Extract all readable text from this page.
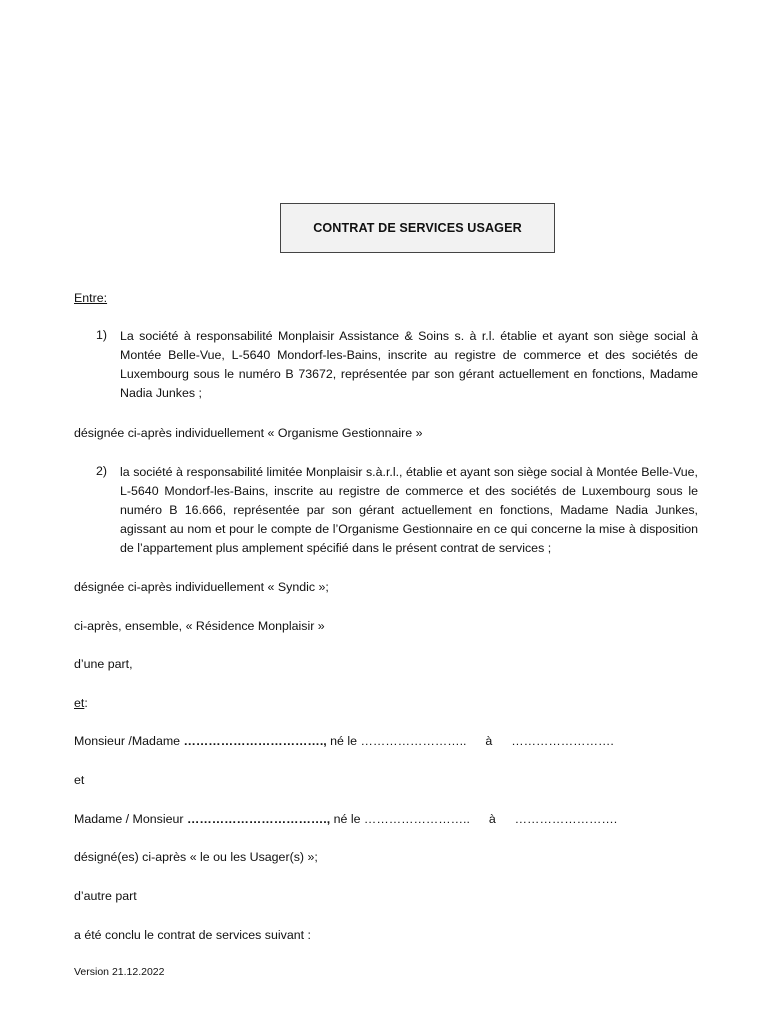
CONTRAT DE SERVICES USAGER
Entre:
1) La société à responsabilité Monplaisir Assistance & Soins s. à r.l. établie et ayant son siège social à Montée Belle-Vue, L-5640 Mondorf-les-Bains, inscrite au registre de commerce et des sociétés de Luxembourg sous le numéro B 73672, représentée par son gérant actuellement en fonctions, Madame Nadia Junkes ;
désignée ci-après individuellement « Organisme Gestionnaire »
2) la société à responsabilité limitée Monplaisir s.à.r.l., établie et ayant son siège social à Montée Belle-Vue, L-5640 Mondorf-les-Bains, inscrite au registre de commerce et des sociétés de Luxembourg sous le numéro B 16.666, représentée par son gérant actuellement en fonctions, Madame Nadia Junkes, agissant au nom et pour le compte de l’Organisme Gestionnaire en ce qui concerne la mise à disposition de l’appartement plus amplement spécifié dans le présent contrat de services ;
désignée ci-après individuellement « Syndic »;
ci-après, ensemble, « Résidence Monplaisir »
d’une part,
et:
Monsieur /Madame ……………………………., né le …………………….. à …………………….
et
Madame / Monsieur ……………………………., né le …………………….. à …………………….
désigné(es) ci-après « le ou les Usager(s) »;
d’autre part
a été conclu le contrat de services suivant :
Version 21.12.2022
